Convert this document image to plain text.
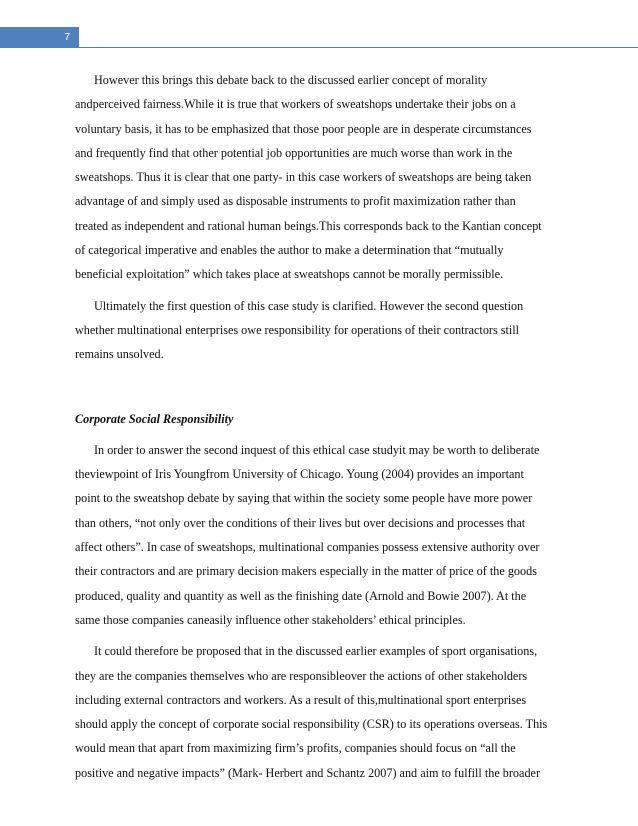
7
However this brings this debate back to the discussed earlier concept of morality
andperceived fairness.While it is true that workers of sweatshops undertake their jobs on a
voluntary basis, it has to be emphasized that those poor people are in desperate circumstances
and frequently find that other potential job opportunities are much worse than work in the
sweatshops. Thus it is clear that one party- in this case workers of sweatshops are being taken
advantage of and simply used as disposable instruments to profit maximization rather than
treated as independent and rational human beings.This corresponds back to the Kantian concept
of categorical imperative and enables the author to make a determination that “mutually
beneficial exploitation” which takes place at sweatshops cannot be morally permissible.
Ultimately the first question of this case study is clarified. However the second question
whether multinational enterprises owe responsibility for operations of their contractors still
remains unsolved.

Corporate Social Responsibility

In order to answer the second inquest of this ethical case studyit may be worth to deliberate
theviewpoint of Iris Youngfrom University of Chicago. Young (2004) provides an important
point to the sweatshop debate by saying that within the society some people have more power
than others, “not only over the conditions of their lives but over decisions and processes that
affect others”. In case of sweatshops, multinational companies possess extensive authority over
their contractors and are primary decision makers especially in the matter of price of the goods
produced, quality and quantity as well as the finishing date (Arnold and Bowie 2007). At the
same those companies caneasily influence other stakeholders’ ethical principles.
It could therefore be proposed that in the discussed earlier examples of sport organisations,
they are the companies themselves who are responsibleover the actions of other stakeholders
including external contractors and workers. As a result of this,multinational sport enterprises
should apply the concept of corporate social responsibility (CSR) to its operations overseas. This
would mean that apart from maximizing firm’s profits, companies should focus on “all the
positive and negative impacts” (Mark- Herbert and Schantz 2007) and aim to fulfill the broader
